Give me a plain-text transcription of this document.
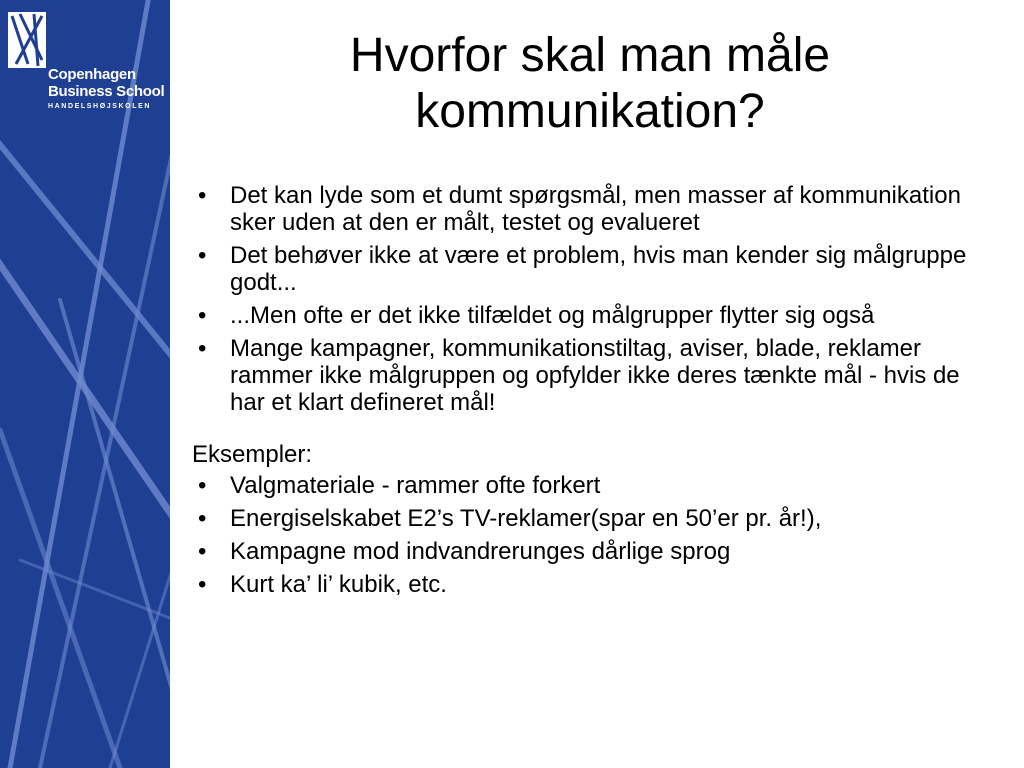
Copenhagen
Business School
HANDELSHØJSKOLEN
Hvorfor skal man måle kommunikation?
• Det kan lyde som et dumt spørgsmål, men masser af kommunikation sker uden at den er målt, testet og evalueret
• Det behøver ikke at være et problem, hvis man kender sig målgruppe godt...
• ...Men ofte er det ikke tilfældet og målgrupper flytter sig også
• Mange kampagner, kommunikationstiltag, aviser, blade, reklamer rammer ikke målgruppen og opfylder ikke deres tænkte mål - hvis de har et klart defineret mål!
Eksempler:
• Valgmateriale - rammer ofte forkert
• Energiselskabet E2’s TV-reklamer(spar en 50’er pr. år!),
• Kampagne mod indvandrerunges dårlige sprog
• Kurt ka’ li’ kubik, etc.
